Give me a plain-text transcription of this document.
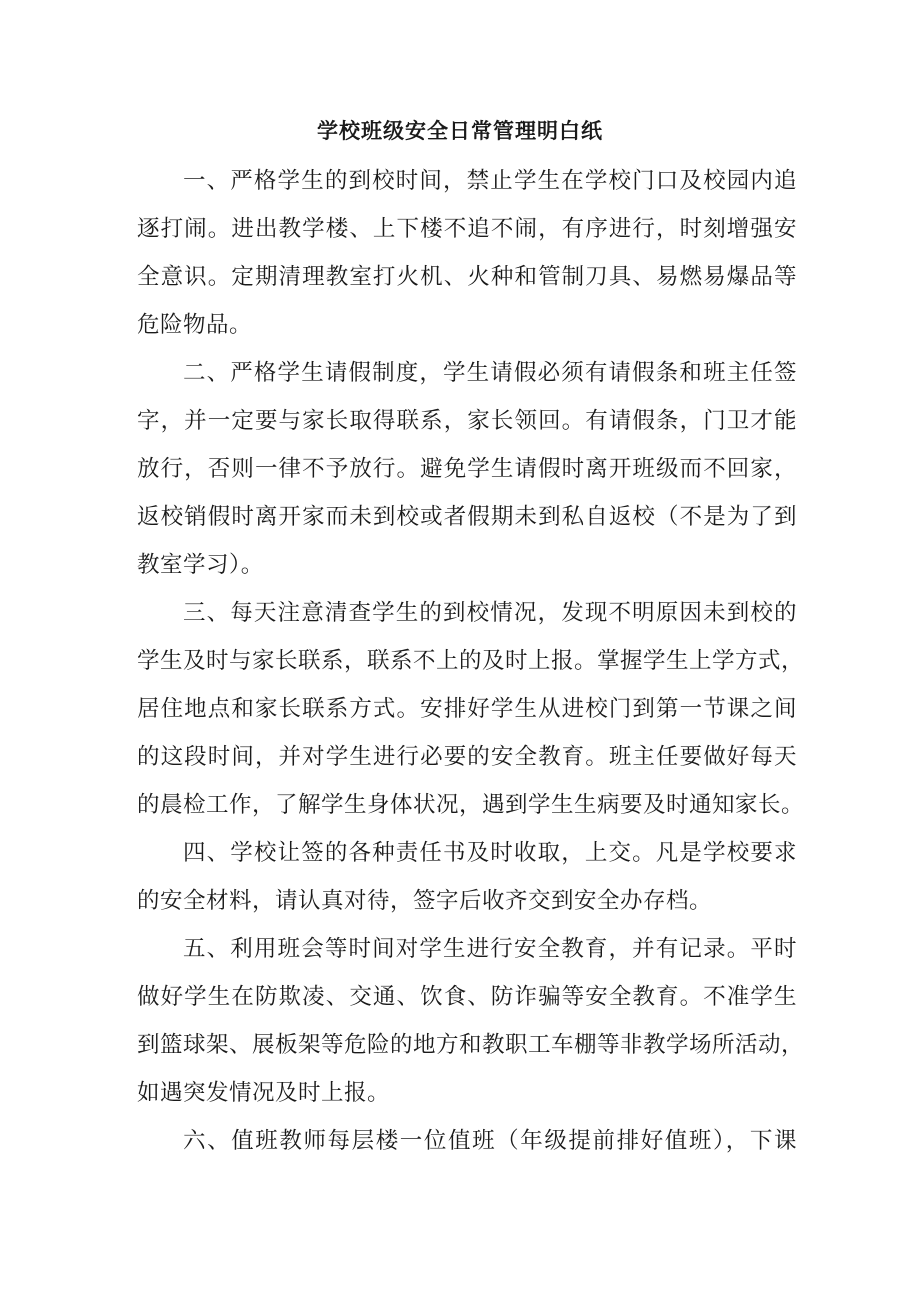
学校班级安全日常管理明白纸
一、严格学生的到校时间，禁止学生在学校门口及校园内追
逐打闹。进出教学楼、上下楼不追不闹，有序进行，时刻增强安
全意识。定期清理教室打火机、火种和管制刀具、易燃易爆品等
危险物品。
二、严格学生请假制度，学生请假必须有请假条和班主任签
字，并一定要与家长取得联系，家长领回。有请假条，门卫才能
放行，否则一律不予放行。避免学生请假时离开班级而不回家，
返校销假时离开家而未到校或者假期未到私自返校（不是为了到
教室学习）。
三、每天注意清查学生的到校情况，发现不明原因未到校的
学生及时与家长联系，联系不上的及时上报。掌握学生上学方式，
居住地点和家长联系方式。安排好学生从进校门到第一节课之间
的这段时间，并对学生进行必要的安全教育。班主任要做好每天
的晨检工作，了解学生身体状况，遇到学生生病要及时通知家长。
四、学校让签的各种责任书及时收取，上交。凡是学校要求
的安全材料，请认真对待，签字后收齐交到安全办存档。
五、利用班会等时间对学生进行安全教育，并有记录。平时
做好学生在防欺凌、交通、饮食、防诈骗等安全教育。不准学生
到篮球架、展板架等危险的地方和教职工车棚等非教学场所活动，
如遇突发情况及时上报。
六、值班教师每层楼一位值班（年级提前排好值班），下课
